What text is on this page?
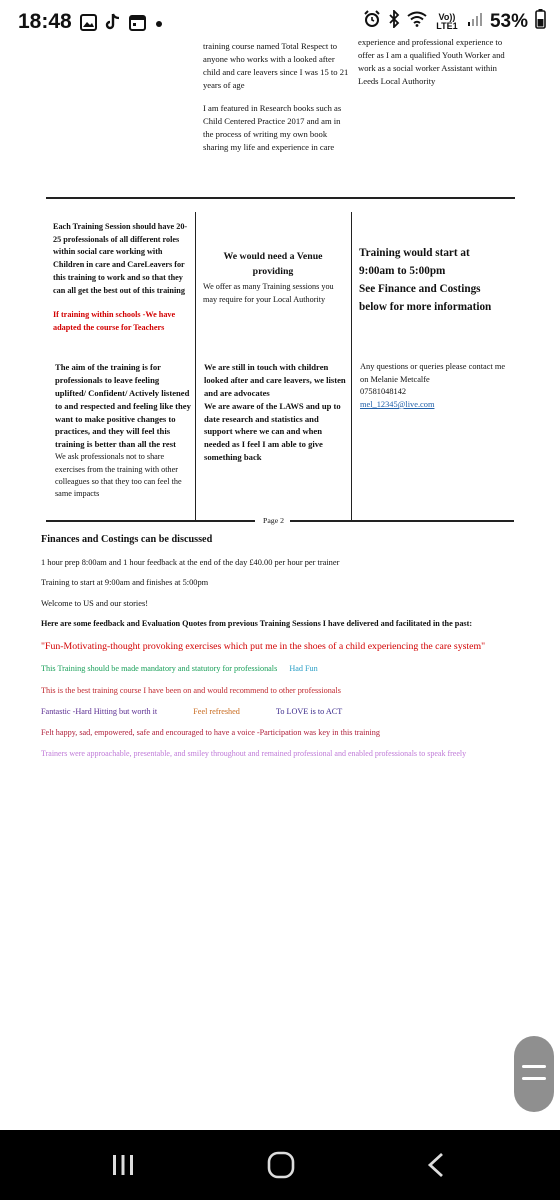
18:48	Vo)) LTE1 53%

training course named Total Respect to anyone who works with a looked after child and care leavers since I was 15 to 21 years of age

I am featured in Research books such as Child Centered Practice 2017 and am in the process of writing my own book sharing my life and experience in care

experience and professional experience to offer as I am a qualified Youth Worker and work as a social worker Assistant within Leeds Local Authority

Each Training Session should have 20-25 professionals of all different roles within social care working with Children in care and CareLeavers for this training to work and so that they can all get the best out of this training

If training within schools -We have adapted the course for Teachers

We would need a Venue providing

We offer as many Training sessions you may require for your Local Authority

Training would start at
9:00am to 5:00pm
See Finance and Costings
below for more information

The aim of the training is for professionals to leave feeling uplifted/ Confident/ Actively listened to and respected and feeling like they want to make positive changes to practices, and they will feel this training is better than all the rest

We ask professionals not to share exercises from the training with other colleagues so that they too can feel the same impacts

We are still in touch with children looked after and care leavers, we listen and are advocates

We are aware of the LAWS and up to date research and statistics and support where we can and when needed as I feel I am able to give something back

Any questions or queries please contact me on Melanie Metcalfe

07581048142
mel_12345@live.com
Page 2
Finances and Costings can be discussed
1 hour prep 8:00am and 1 hour feedback at the end of the day £40.00 per hour per trainer
Training to start at 9:00am and finishes at 5:00pm
Welcome to US and our stories!
Here are some feedback and Evaluation Quotes from previous Training Sessions I have delivered and facilitated in the past:
"Fun-Motivating-thought provoking exercises which put me in the shoes of a child experiencing the care system"
This Training should be made mandatory and statutory for professionals Had Fun
This is the best training course I have been on and would recommend to other professionals
Fantastic -Hard Hitting but worth it	Feel refreshed	To LOVE is to ACT
Felt happy, sad, empowered, safe and encouraged to have a voice -Participation was key in this training
Trainers were approachable, presentable, and smiley throughout and remained professional and enabled professionals to speak freely
